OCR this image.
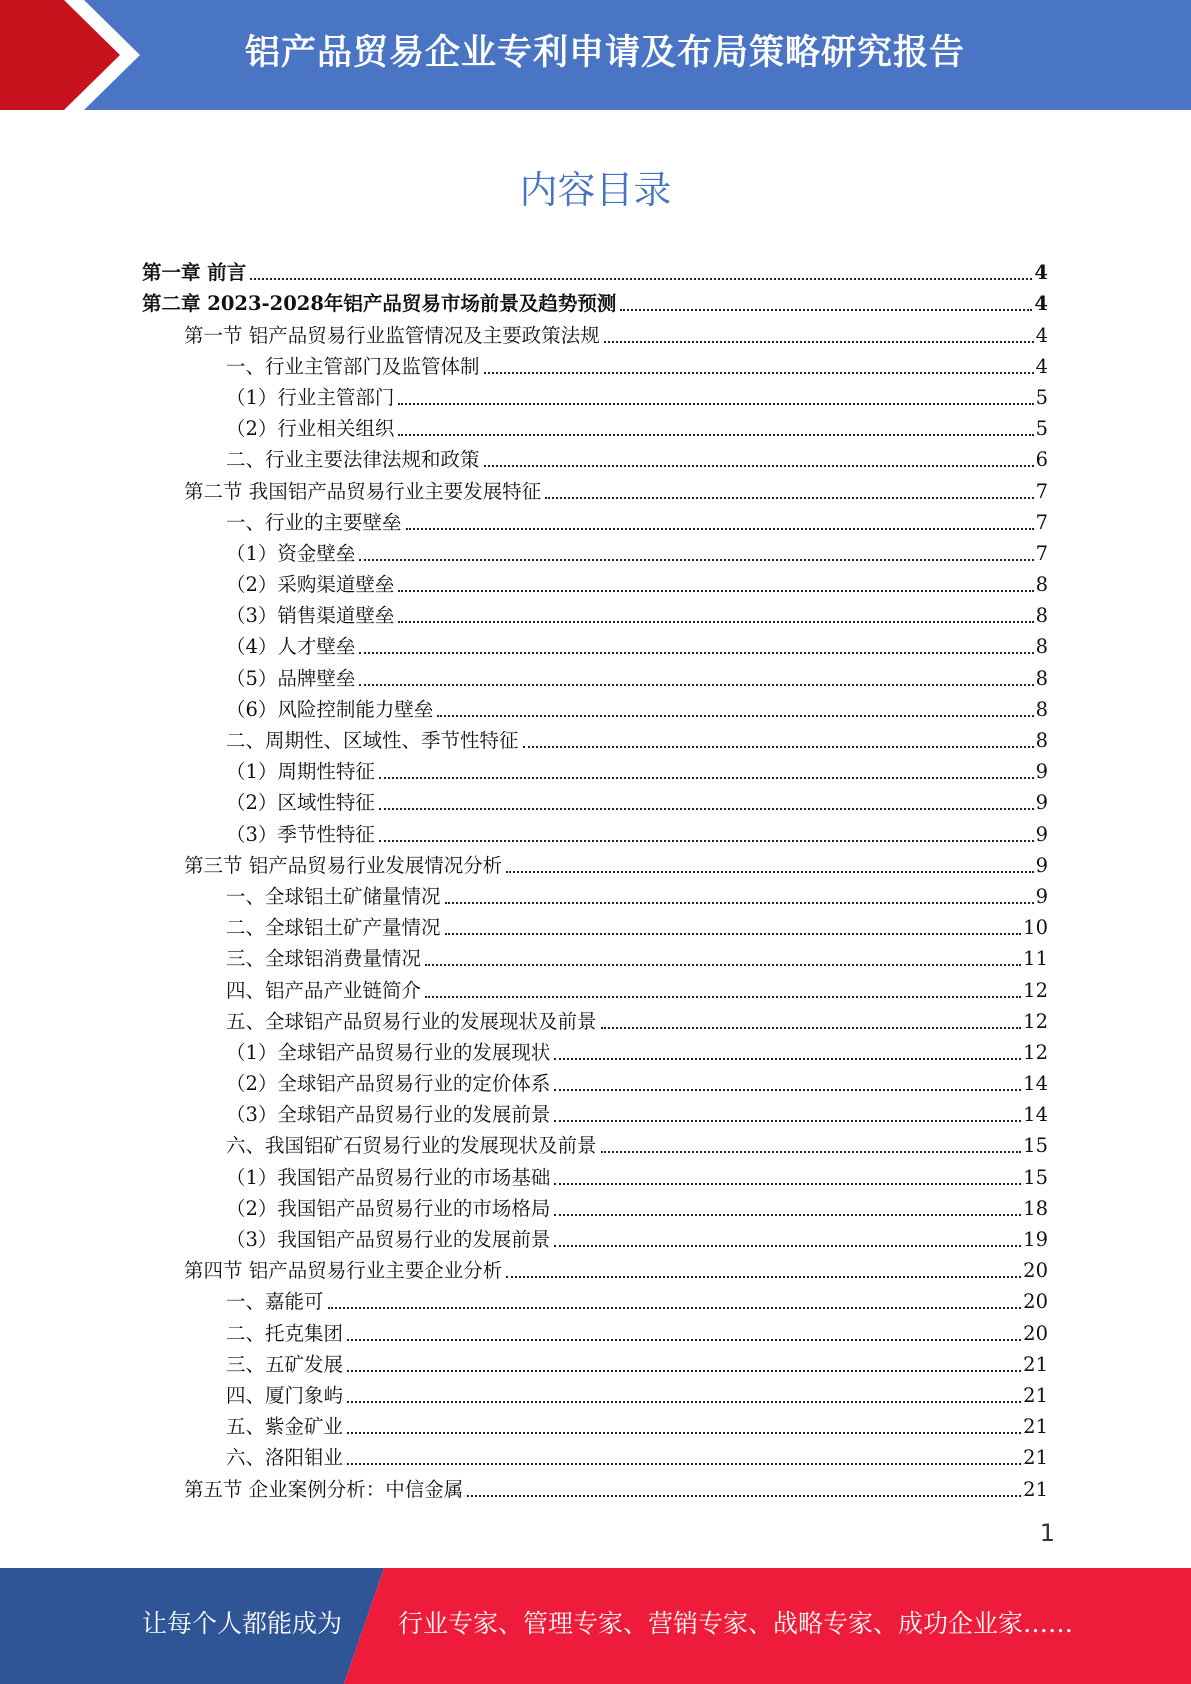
铝产品贸易企业专利申请及布局策略研究报告
内容目录
第一章 前言	4
第二章 2023-2028年铝产品贸易市场前景及趋势预测	4
第一节 铝产品贸易行业监管情况及主要政策法规	4
一、行业主管部门及监管体制	4
（1）行业主管部门	5
（2）行业相关组织	5
二、行业主要法律法规和政策	6
第二节 我国铝产品贸易行业主要发展特征	7
一、行业的主要壁垒	7
（1）资金壁垒	7
（2）采购渠道壁垒	8
（3）销售渠道壁垒	8
（4）人才壁垒	8
（5）品牌壁垒	8
（6）风险控制能力壁垒	8
二、周期性、区域性、季节性特征	8
（1）周期性特征	9
（2）区域性特征	9
（3）季节性特征	9
第三节 铝产品贸易行业发展情况分析	9
一、全球铝土矿储量情况	9
二、全球铝土矿产量情况	10
三、全球铝消费量情况	11
四、铝产品产业链简介	12
五、全球铝产品贸易行业的发展现状及前景	12
（1）全球铝产品贸易行业的发展现状	12
（2）全球铝产品贸易行业的定价体系	14
（3）全球铝产品贸易行业的发展前景	14
六、我国铝矿石贸易行业的发展现状及前景	15
（1）我国铝产品贸易行业的市场基础	15
（2）我国铝产品贸易行业的市场格局	18
（3）我国铝产品贸易行业的发展前景	19
第四节 铝产品贸易行业主要企业分析	20
一、嘉能可	20
二、托克集团	20
三、五矿发展	21
四、厦门象屿	21
五、紫金矿业	21
六、洛阳钼业	21
第五节 企业案例分析：中信金属	21
1
让每个人都能成为 行业专家、管理专家、营销专家、战略专家、成功企业家……
